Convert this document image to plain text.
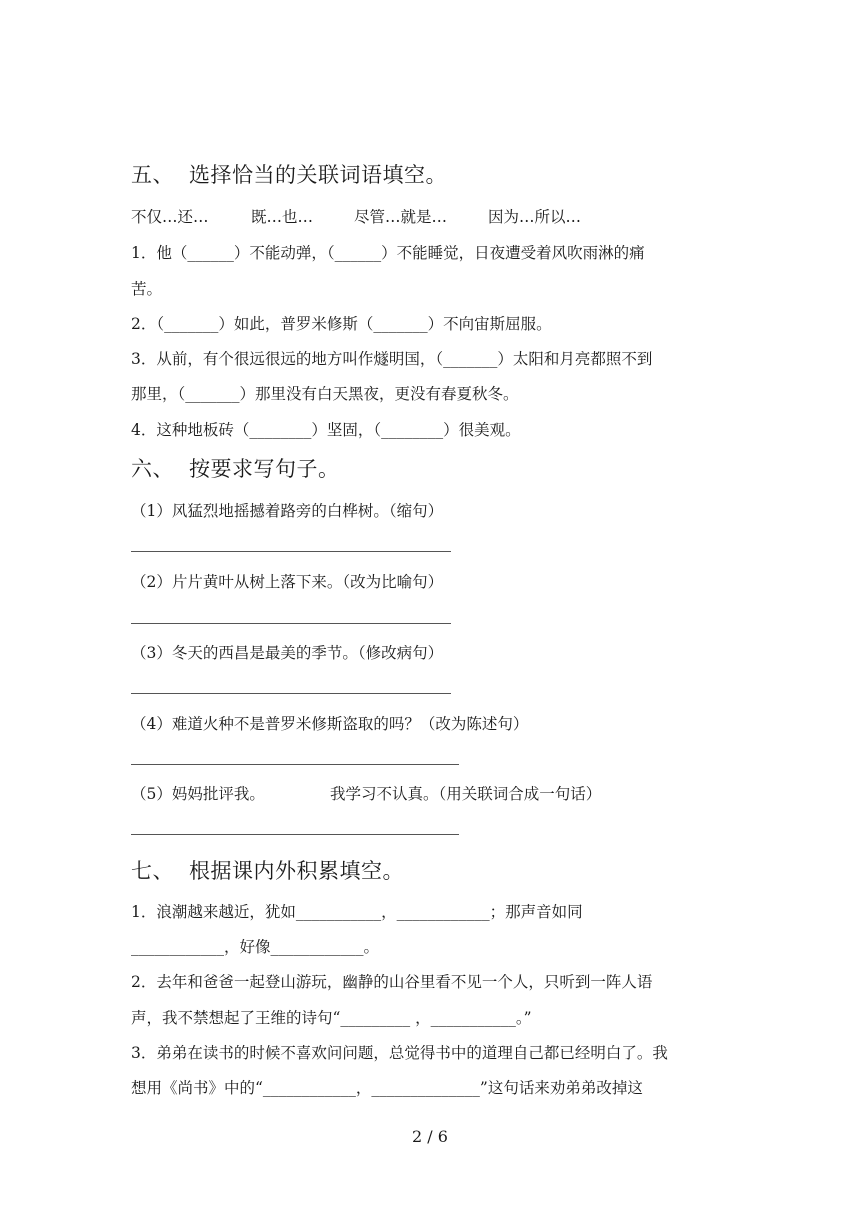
五、 选择恰当的关联词语填空。
不仅…还…	既…也…	尽管…就是…	因为…所以…
1．他（______）不能动弹，（______）不能睡觉，日夜遭受着风吹雨淋的痛
苦。
2．（_______）如此，普罗米修斯（_______）不向宙斯屈服。
3．从前，有个很远很远的地方叫作燧明国，（_______）太阳和月亮都照不到
那里，（_______）那里没有白天黑夜，更没有春夏秋冬。
4．这种地板砖（________）坚固，（________）很美观。
六、 按要求写句子。
（1）风猛烈地摇撼着路旁的白桦树。（缩句）
（2）片片黄叶从树上落下来。（改为比喻句）
（3）冬天的西昌是最美的季节。（修改病句）
（4）难道火种不是普罗米修斯盗取的吗？（改为陈述句）
（5）妈妈批评我。	我学习不认真。（用关联词合成一句话）
七、 根据课内外积累填空。
1．浪潮越来越近，犹如___________，____________；那声音如同
____________，好像____________。
2．去年和爸爸一起登山游玩，幽静的山谷里看不见一个人，只听到一阵人语
声，我不禁想起了王维的诗句“_________ ，___________。”
3．弟弟在读书的时候不喜欢问问题，总觉得书中的道理自己都已经明白了。我
想用《尚书》中的“____________，______________”这句话来劝弟弟改掉这
2 / 6
